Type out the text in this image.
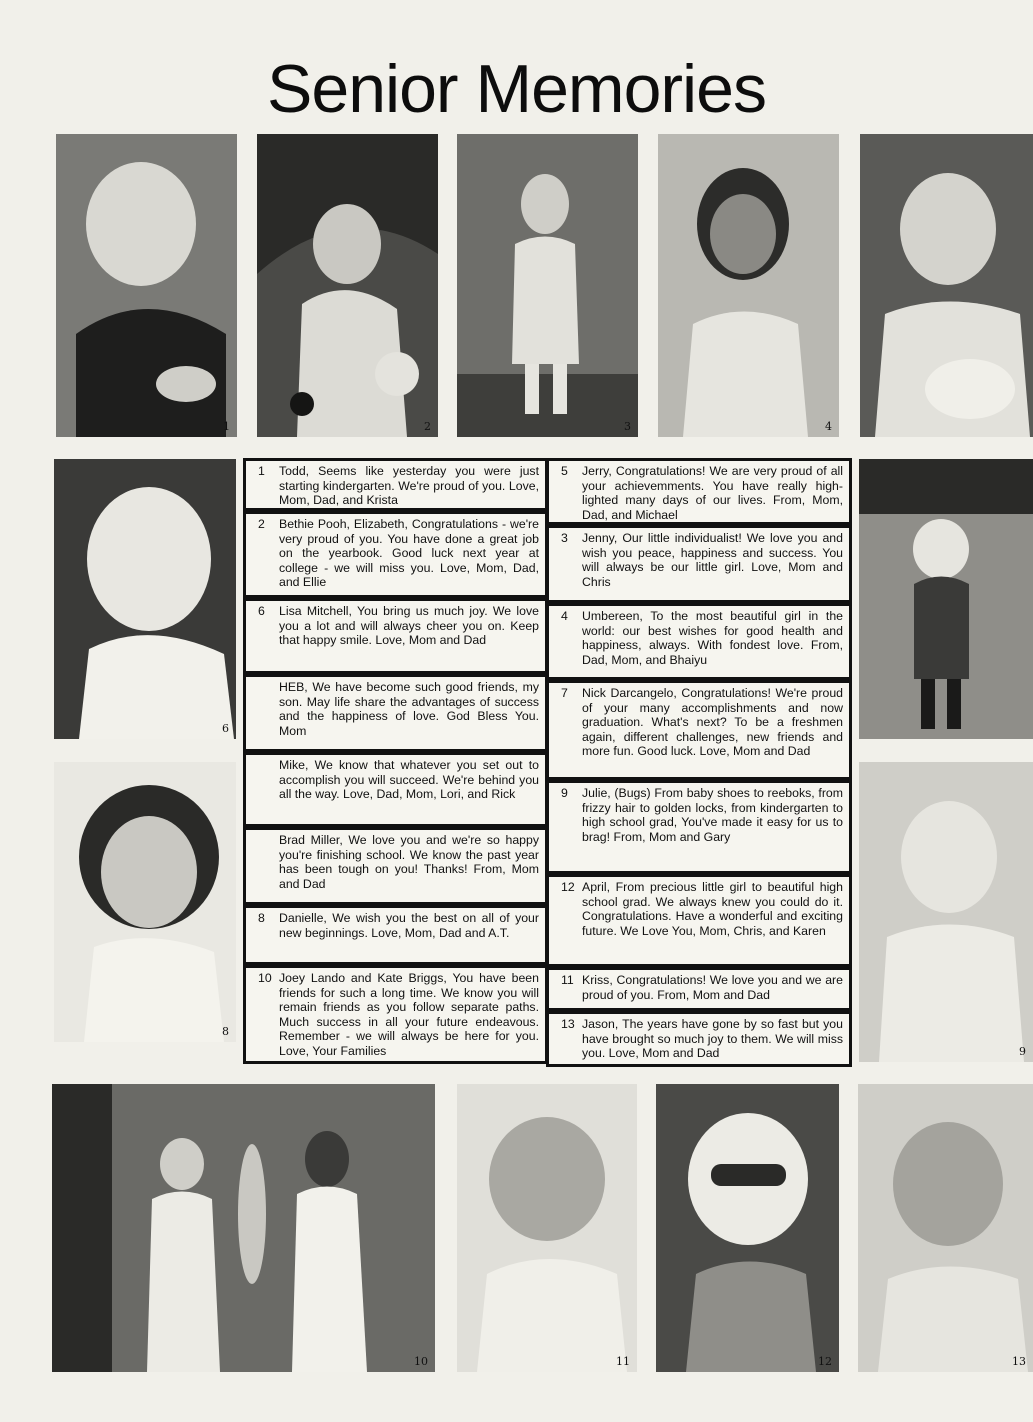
Senior Memories
1	2	3	4
6
8
9
10	11	12	13
1 Todd, Seems like yesterday you were just starting kindergarten. We're proud of you. Love, Mom, Dad, and Krista
2 Bethie Pooh, Elizabeth, Congratulations - we're very proud of you. You have done a great job on the yearbook. Good luck next year at college - we will miss you. Love, Mom, Dad, and Ellie
6 Lisa Mitchell, You bring us much joy. We love you a lot and will always cheer you on. Keep that happy smile. Love, Mom and Dad
HEB, We have become such good friends, my son. May life share the advantages of success and the happiness of love. God Bless You. Mom
Mike, We know that whatever you set out to accomplish you will succeed. We're behind you all the way. Love, Dad, Mom, Lori, and Rick
Brad Miller, We love you and we're so happy you're finishing school. We know the past year has been tough on you! Thanks! From, Mom and Dad
8 Danielle, We wish you the best on all of your new beginnings. Love, Mom, Dad and A.T.
10 Joey Lando and Kate Briggs, You have been friends for such a long time. We know you will remain friends as you follow separate paths. Much success in all your future endeavous. Remember - we will always be here for you. Love, Your Families
5 Jerry, Congratulations! We are very proud of all your achievemments. You have really high-lighted many days of our lives. From, Mom, Dad, and Michael
3 Jenny, Our little individualist! We love you and wish you peace, happiness and success. You will always be our little girl. Love, Mom and Chris
4 Umbereen, To the most beautiful girl in the world: our best wishes for good health and happiness, always. With fondest love. From, Dad, Mom, and Bhaiyu
7 Nick Darcangelo, Congratulations! We're proud of your many accomplishments and now graduation. What's next? To be a freshmen again, different challenges, new friends and more fun. Good luck. Love, Mom and Dad
9 Julie, (Bugs) From baby shoes to reeboks, from frizzy hair to golden locks, from kindergarten to high school grad, You've made it easy for us to brag! From, Mom and Gary
12 April, From precious little girl to beautiful high school grad. We always knew you could do it. Congratulations. Have a wonderful and exciting future. We Love You, Mom, Chris, and Karen
11 Kriss, Congratulations! We love you and we are proud of you. From, Mom and Dad
13 Jason, The years have gone by so fast but you have brought so much joy to them. We will miss you. Love, Mom and Dad
